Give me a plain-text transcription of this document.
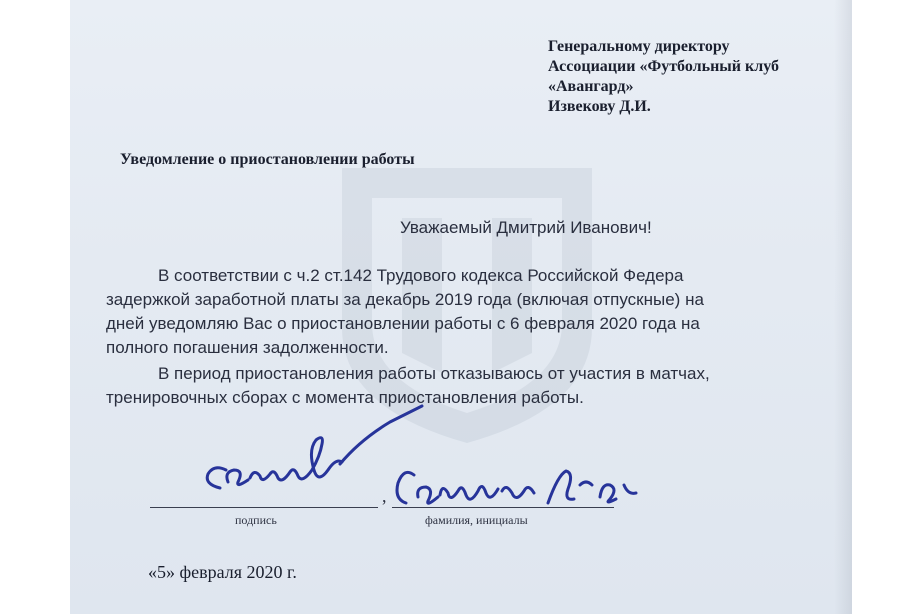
Генеральному директору
Ассоциации «Футбольный клуб
«Авангард»
Извекову Д.И.
Уведомление о приостановлении работы
Уважаемый Дмитрий Иванович!
В соответствии с ч.2 ст.142 Трудового кодекса Российской Федера
задержкой заработной платы за декабрь 2019 года (включая отпускные) на
дней уведомляю Вас о приостановлении работы с 6 февраля 2020 года на
полного погашения задолженности.
В период приостановления работы отказываюсь от участия в матчах,
тренировочных сборах с момента приостановления работы.
,
подпись	фамилия, инициалы
«5» февраля 2020 г.
